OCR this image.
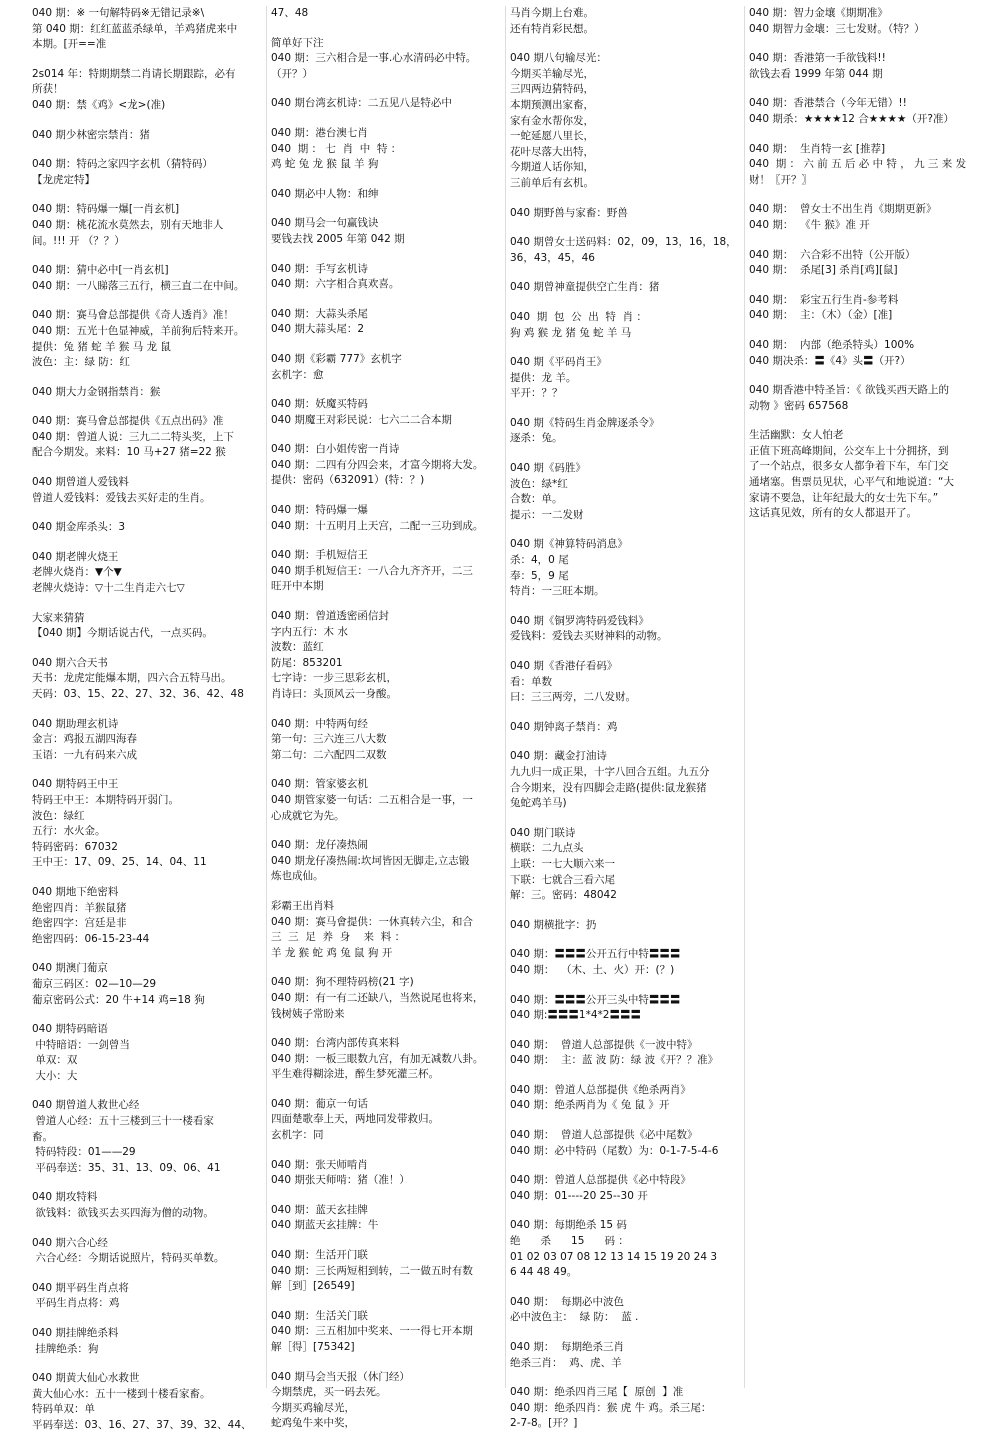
040 期：※ 一句解特码※无错记录※\
第 040 期：红红蓝蓝杀绿单，羊鸡猪虎来中
本期。[开==准
2s014 年：特期期禁二肖请长期跟踪，必有
所获！
040 期：禁《鸡》<龙>(准)
040 期少林密宗禁肖：猪
040 期：特码之家四字玄机（猜特码）
【龙虎定特】
040 期：特码爆一爆[一肖玄机]
040 期：桃花流水莫然去，别有天地非人
间。!!! 开 （？？）
040 期：猜中必中[一肖玄机]
040 期：一八睇落三五行，横三直二在中间。
040 期：赛马會总部提供《奇人透肖》准！
040 期：五光十色显神威，羊前狗后特来开。
提供：兔 猪 蛇 羊 猴 马 龙 鼠
波色：主：绿 防：红
040 期大力金钢指禁肖：猴
040 期：赛马會总部提供《五点出码》准
040 期：曾道人说：三九二二特头奖，上下
配合今期发。来料：10 马+27 猪=22 猴
040 期曾道人爱钱料
曾道人爱钱料：爱钱去买好走的生肖。
040 期金库杀头：3
040 期老牌火烧王
老牌火烧肖：▼个▼
老牌火烧诗：▽十二生肖走六七▽
大家来猜猜
【040 期】今期话说古代，一点买码。
040 期六合天书
天书：龙虎定能爆本期，四六合五特马出。
天码：03、15、22、27、32、36、42、48
040 期助理玄机诗
金言：鸡报五湖四海春
玉语：一九有码来六成
040 期特码王中王
特码王中王：本期特码开弱门。
波色：绿红
五行：水火金。
特码密码：67032
王中王：17、09、25、14、04、11
040 期地下绝密料
绝密四肖：羊猴鼠猪
绝密四字：宫廷是非
绝密四码：06-15-23-44
040 期澳门葡京
葡京三码区：02—10—29
葡京密码公式：20 牛+14 鸡=18 狗
040 期特码暗语
中特暗语：一剑曾当
单双：双
大小：大
040 期曾道人救世心经
曾道人心经：五十三楼到三十一楼看家
畜。
特码特段：01——29
平码奉送：35、31、13、09、06、41
040 期攻特料
欲钱料：欲钱买去买四海为僧的动物。
040 期六合心经
六合心经：今期话说照片，特码买单数。
040 期平码生肖点将
平码生肖点将：鸡
040 期挂牌绝杀料
挂牌绝杀：狗
040 期黄大仙心水救世
黄大仙心水：五十一楼到十楼看家畜。
特码单双：单
平码奉送：03、16、27、37、39、32、44、
47、48
简单好下注
040 期：三六相合是一事.心水清码必中特。
（开？）
040 期台湾玄机诗：二五见八是特必中
040 期：港台澳七肖
040  期 ： 七  肖  中  特 ：
鸡 蛇 兔 龙 猴 鼠 羊 狗
040 期必中人物：和绅
040 期马会一句赢钱诀
要钱去找 2005 年第 042 期
040 期：手写玄机诗
040 期：六字相合真欢喜。
040 期：大蒜头杀尾
040 期大蒜头尾：2
040 期《彩霸 777》玄机字
玄机字：愈
040 期：妖魔买特码
040 期魔王对彩民说：七六二二合本期
040 期：白小姐传密一肖诗
040 期：二四有分四会来，才富今期将大发。
提供：密码（632091）(特：？)
040 期：特码爆一爆
040 期：十五明月上天宫，二配一三功到成。
040 期：手机短信王
040 期手机短信王：一八合九齐齐开，二三
旺开中本期
040 期：曾道透密函信封
字内五行：木 水
波数：蓝红
防尾：853201
七字诗：一步三思彩玄机，
肖诗曰：头顶风云一身酸。
040 期：中特两句经
第一句：三六连三八大数
第二句：二六配四二双数
040 期：管家婆玄机
040 期管家婆一句话：二五相合是一事，一
心成就它为先。
040 期：龙仔凑热闹
040 期龙仔凑热闹:坎坷皆因无脚走,立志锻
炼也成仙。
彩霸王出肖料
040 期：赛马會提供：一休真转六尘，和合
三  三  足  养  身    来  料 ：
羊 龙 猴 蛇 鸡 兔 鼠 狗 开
040 期：狗不理特码榜(21 字)
040 期：有一有二还缺八，当然说尾也将来，
钱树姨子常盼来
040 期：台湾内部传真来料
040 期：一板三眼数九宫，有加无减数八卦。
平生难得糊涂进，醉生梦死灌三杯。
040 期：葡京一句话
四面楚歌奉上天，两地同发带救归。
玄机字：同
040 期：张天师啃肖
040 期张天师啃：猪（准！）
040 期：蓝天玄挂牌
040 期蓝天玄挂牌：牛
040 期：生活开门联
040 期：三长两短相到转，二一做五时有数
解［到］[26549]
040 期：生活关门联
040 期：三五相加中奖来、一一得七开本期
解［得］[75342]
040 期马会当天报（休门经）
今期禁虎，买一码去死。
今期买鸡输尽光，
蛇鸡兔牛来中奖，
马肖今期上台难。
还有特肖彩民想。
040 期八句输尽光：
今期买羊输尽光，
三四两边猜特码，
本期预测出家畜，
家有金水帮你发，
一蛇延愿八里长，
花叶尽落大出特，
今期道人话你知，
三前单后有玄机。
040 期野兽与家畜：野兽
040 期曾女士送码料：02，09，13，16，18，
36，43，45，46
040 期曾神童提供空亡生肖：猪
040  期  包  公  出  特  肖 ：
狗 鸡 猴 龙 猪 兔 蛇 羊 马
040 期《平码肖王》
提供：龙 羊。
平开：？？
040 期《特码生肖金牌逐杀令》
逐杀：兔。
040 期《码胜》
波色：绿*红
合数：单。
提示：一二发财
040 期《神算特码消息》
杀：4，0 尾
奉：5，9 尾
特肖：一三旺本期。
040 期《铜罗湾特码爱钱料》
爱钱料：爱钱去买财神料的动物。
040 期《香港仔看码》
看：单数
曰：三三两旁，二八发财。
040 期钟离子禁肖：鸡
040 期：藏金打油诗
九九归一成正果，十字八回合五组。九五分
合今期来，没有四脚会走路(提供:鼠龙猴猪
兔蛇鸡羊马)
040 期门联诗
横联：二九点头
上联：一七大顺六来一
下联：七就合三看六尾
解：三。密码：48042
040 期横批字：扔
040 期：〓〓〓公开五行中特〓〓〓
040 期：  （木、土、火）开：(？)
040 期：〓〓〓公开三头中特〓〓〓
040 期:〓〓〓1*4*2〓〓〓
040 期：  曾道人总部提供《一波中特》
040 期：  主：蓝 波 防：绿 波《开？？准》
040 期：曾道人总部提供《绝杀两肖》
040 期：绝杀两肖为《 兔 鼠 》开
040 期：  曾道人总部提供《必中尾数》
040 期：必中特码（尾数）为：0-1-7-5-4-6
040 期：曾道人总部提供《必中特段》
040 期：01----20 25--30 开
040 期：每期绝杀 15 码
绝      杀      15      码 ：
01 02 03 07 08 12 13 14 15 19 20 24 3
6 44 48 49。
040 期：  每期必中波色
必中波色主：  绿 防：  蓝 .
040 期：  每期绝杀三肖
绝杀三肖：  鸡、虎、羊
040 期：绝杀四肖三尾【  原创  】准
040 期：绝杀四肖：猴 虎 牛 鸡。杀三尾：
2-7-8。[开？]
040 期：智力金壤《期期准》
040 期智力金壤：三七发财。（特？）
040 期：香港第一手欲钱料!!
欲钱去看 1999 年第 044 期
040 期：香港禁合（今年无错）!!
040 期杀：★★★★12 合★★★★（开?准）
040 期：  生肖特一玄 [推荐]
040  期 ： 六 前 五 后 必 中 特 ， 九 三 来 发
财！〖开？〗
040 期：  曾女士不出生肖《期期更新》
040 期：  《牛 猴》准 开
040 期：  六合彩不出特（公开版）
040 期：  杀尾[3] 杀肖[鸡][鼠]
040 期：  彩宝五行生肖-参考料
040 期：  主：（木）（金）[准]
040 期：  内部（绝杀特头）100%
040 期决杀：〓《4》头〓（开?）
040 期香港中特圣旨：《 欲钱买西天路上的
动物 》密码 657568
生活幽默：女人怕老
正值下班高峰期间，公交车上十分拥挤，到
了一个站点，很多女人都争着下车，车门交
通堵塞。售票员见状，心平气和地说道：“大
家请不要急，让年纪最大的女士先下车。”
这话真见效，所有的女人都退开了。
